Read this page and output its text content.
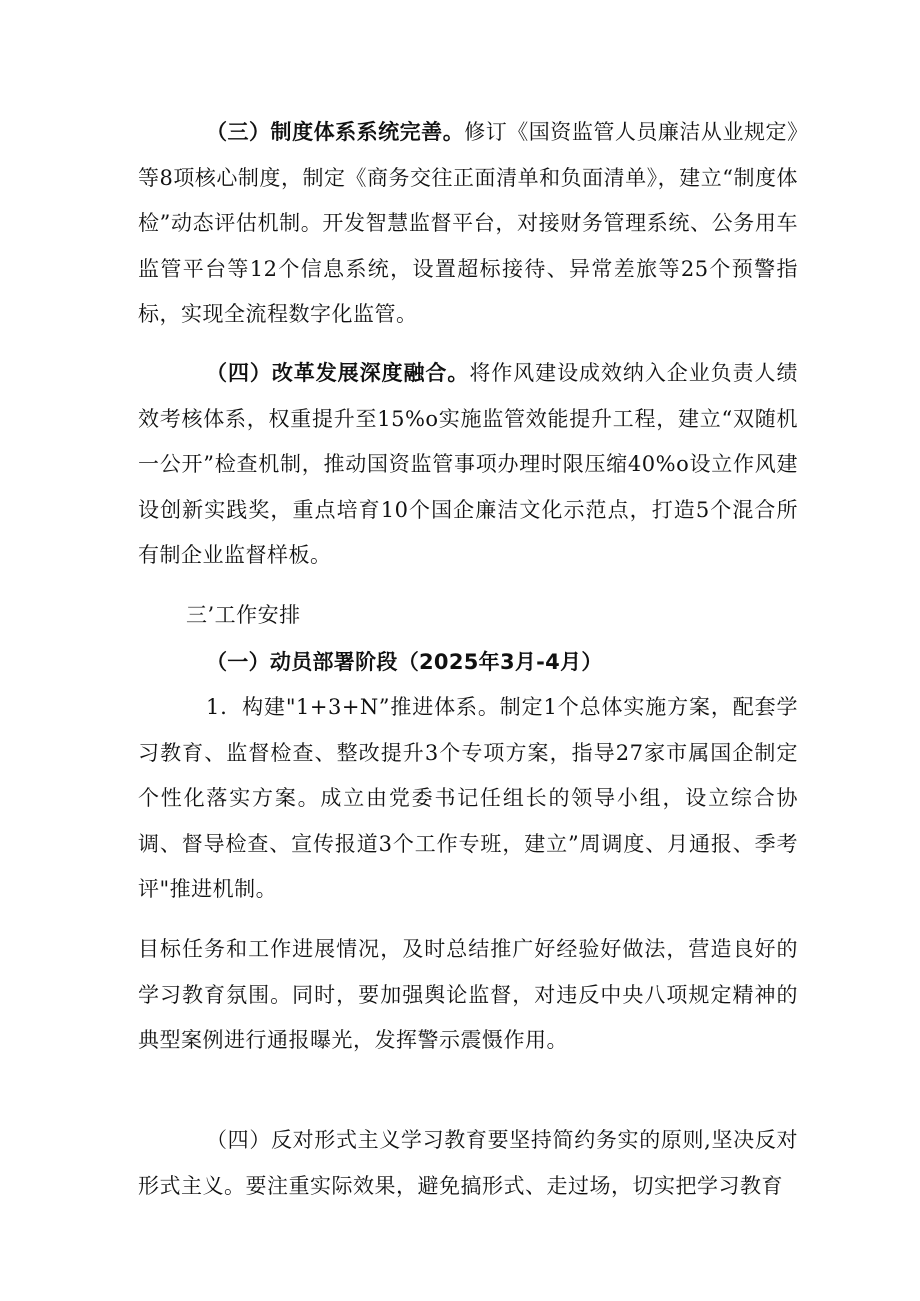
（三）制度体系系统完善。修订《国资监管人员廉洁从业规定》等8项核心制度，制定《商务交往正面清单和负面清单》，建立“制度体检”动态评估机制。开发智慧监督平台，对接财务管理系统、公务用车监管平台等12个信息系统，设置超标接待、异常差旅等25个预警指标，实现全流程数字化监管。

（四）改革发展深度融合。将作风建设成效纳入企业负责人绩效考核体系，权重提升至15%o实施监管效能提升工程，建立“双随机一公开”检查机制，推动国资监管事项办理时限压缩40%o设立作风建设创新实践奖，重点培育10个国企廉洁文化示范点，打造5个混合所有制企业监督样板。

三’工作安排

（一）动员部署阶段（2025年3月-4月）

1．构建"1+3+N”推进体系。制定1个总体实施方案，配套学习教育、监督检查、整改提升3个专项方案，指导27家市属国企制定个性化落实方案。成立由党委书记任组长的领导小组，设立综合协调、督导检查、宣传报道3个工作专班，建立”周调度、月通报、季考评"推进机制。

目标任务和工作进展情况，及时总结推广好经验好做法，营造良好的学习教育氛围。同时，要加强舆论监督，对违反中央八项规定精神的典型案例进行通报曝光，发挥警示震慑作用。

（四）反对形式主义学习教育要坚持简约务实的原则,坚决反对形式主义。要注重实际效果，避免搞形式、走过场，切实把学习教育
